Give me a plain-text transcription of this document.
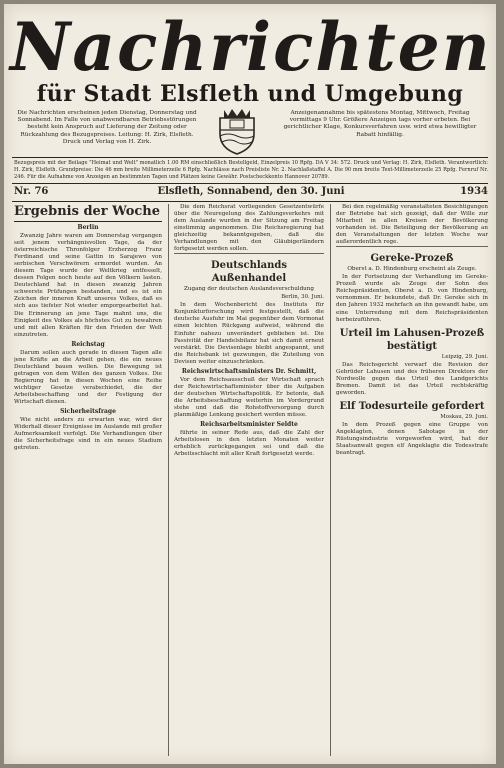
Nachrichten
für Stadt Elsfleth und Umgebung
Die Nachrichten erscheinen jeden Dienstag, Donnerstag und Sonnabend. Im Falle von unabwendbaren Betriebsstörungen besteht kein Anspruch auf Lieferung der Zeitung oder Rückzahlung des Bezugspreises. Leitung: H. Zirk, Elsfleth. Druck und Verlag von H. Zirk.
Anzeigenannahme bis spätestens Montag, Mittwoch, Freitag vormittags 9 Uhr. Größere Anzeigen tags vorher erbeten. Bei gerichtlicher Klage, Konkursverfahren usw. wird etwa bewilligter Rabatt hinfällig.
Bezugspreis mit der Beilage "Heimat und Welt" monatlich 1.00 RM einschließlich Bestellgeld, Einzelpreis 10 Rpfg. DA V 34: 572. Druck und Verlag: H. Zirk, Elsfleth. Verantwortlich: H. Zirk, Elsfleth. Grundpreise: Die 46 mm breite Millimeterzeile 6 Rpfg. Nachlässe nach Preisliste Nr. 2. Nachlaßstaffel A. Die 90 mm breite Text-Millimeterzeile 25 Rpfg. Fernruf Nr. 246. Für die Aufnahme von Anzeigen an bestimmten Tagen und Plätzen keine Gewähr. Postscheckkonto Hannover 20789.
Nr. 76	Elsfleth, Sonnabend, den 30. Juni	1934
Ergebnis der Woche
Berlin

Zwanzig Jahre waren am Donnerstag vergangen seit jenem verhängnisvollen Tage, da der österreichische Thronfolger Erzherzog Franz Ferdinand und seine Gattin in Sarajewo von serbischen Verschwörern ermordet wurden. An diesem Tage wurde der Weltkrieg entfesselt, dessen Folgen noch heute auf den Völkern lasten. Deutschland hat in diesen zwanzig Jahren schwerste Prüfungen bestanden, und es ist ein Zeichen der inneren Kraft unseres Volkes, daß es sich aus tiefster Not wieder emporgearbeitet hat. Die Erinnerung an jene Tage mahnt uns, die Einigkeit des Volkes als höchstes Gut zu bewahren und mit allen Kräften für den Frieden der Welt einzutreten.

Reichstag

Darum sollen auch gerade in diesen Tagen alle jene Kräfte an die Arbeit gehen, die ein neues Deutschland bauen wollen. Die Bewegung ist getragen von dem Willen des ganzen Volkes. Die Regierung hat in diesen Wochen eine Reihe wichtiger Gesetze verabschiedet, die der Arbeitsbeschaffung und der Festigung der Wirtschaft dienen.

Sicherheitsfrage

Wie nicht anders zu erwarten war, wird der Widerhall dieser Ereignisse im Auslande mit großer Aufmerksamkeit verfolgt. Die Verhandlungen über die Sicherheitsfrage sind in ein neues Stadium getreten.

Die dem Reichsrat vorliegenden Gesetzentwürfe über die Neuregelung des Zahlungsverkehrs mit dem Auslande wurden in der Sitzung am Freitag einstimmig angenommen. Die Reichsregierung hat gleichzeitig bekanntgegeben, daß die Verhandlungen mit den Gläubigerländern fortgesetzt werden sollen.

Deutschlands Außenhandel
Zugang der deutschen Auslandsverschuldung
Berlin, 30. Juni.

In dem Wochenbericht des Instituts für Konjunkturforschung wird festgestellt, daß die deutsche Ausfuhr im Mai gegenüber dem Vormonat einen leichten Rückgang aufweist, während die Einfuhr nahezu unverändert geblieben ist. Die Passivität der Handelsbilanz hat sich damit erneut verstärkt. Die Devisenlage bleibt angespannt, und die Reichsbank ist gezwungen, die Zuteilung von Devisen weiter einzuschränken.

Reichswirtschaftsministers Dr. Schmitt,

Vor dem Reichsausschuß der Wirtschaft sprach der Reichswirtschaftsminister über die Aufgaben der deutschen Wirtschaftspolitik. Er betonte, daß die Arbeitsbeschaffung weiterhin im Vordergrund stehe und daß die Rohstoffversorgung durch planmäßige Lenkung gesichert werden müsse.

Reichsarbeitsminister Seldte

führte in seiner Rede aus, daß die Zahl der Arbeitslosen in den letzten Monaten weiter erheblich zurückgegangen sei und daß die Arbeitsschlacht mit aller Kraft fortgesetzt werde.

Bei den regelmäßig veranstalteten Besichtigungen der Betriebe hat sich gezeigt, daß der Wille zur Mitarbeit in allen Kreisen der Bevölkerung vorhanden ist. Die Beteiligung der Bevölkerung an den Veranstaltungen der letzten Woche war außerordentlich rege.

Gereke-Prozeß
Oberst a. D. Hindenburg erscheint als Zeuge.

In der Fortsetzung der Verhandlung im Gereke-Prozeß wurde als Zeuge der Sohn des Reichspräsidenten, Oberst a. D. von Hindenburg, vernommen. Er bekundete, daß Dr. Gereke sich in den Jahren 1932 mehrfach an ihn gewandt habe, um eine Unterredung mit dem Reichspräsidenten herbeizuführen.

Urteil im Lahusen-Prozeß bestätigt
Leipzig, 29. Juni.

Das Reichsgericht verwarf die Revision der Gebrüder Lahusen und des früheren Direktors der Nordwolle gegen das Urteil des Landgerichts Bremen. Damit ist das Urteil rechtskräftig geworden.

Elf Todesurteile gefordert
Moskau, 29. Juni.

In dem Prozeß gegen eine Gruppe von Angeklagten, denen Sabotage in der Rüstungsindustrie vorgeworfen wird, hat der Staatsanwalt gegen elf Angeklagte die Todesstrafe beantragt.
